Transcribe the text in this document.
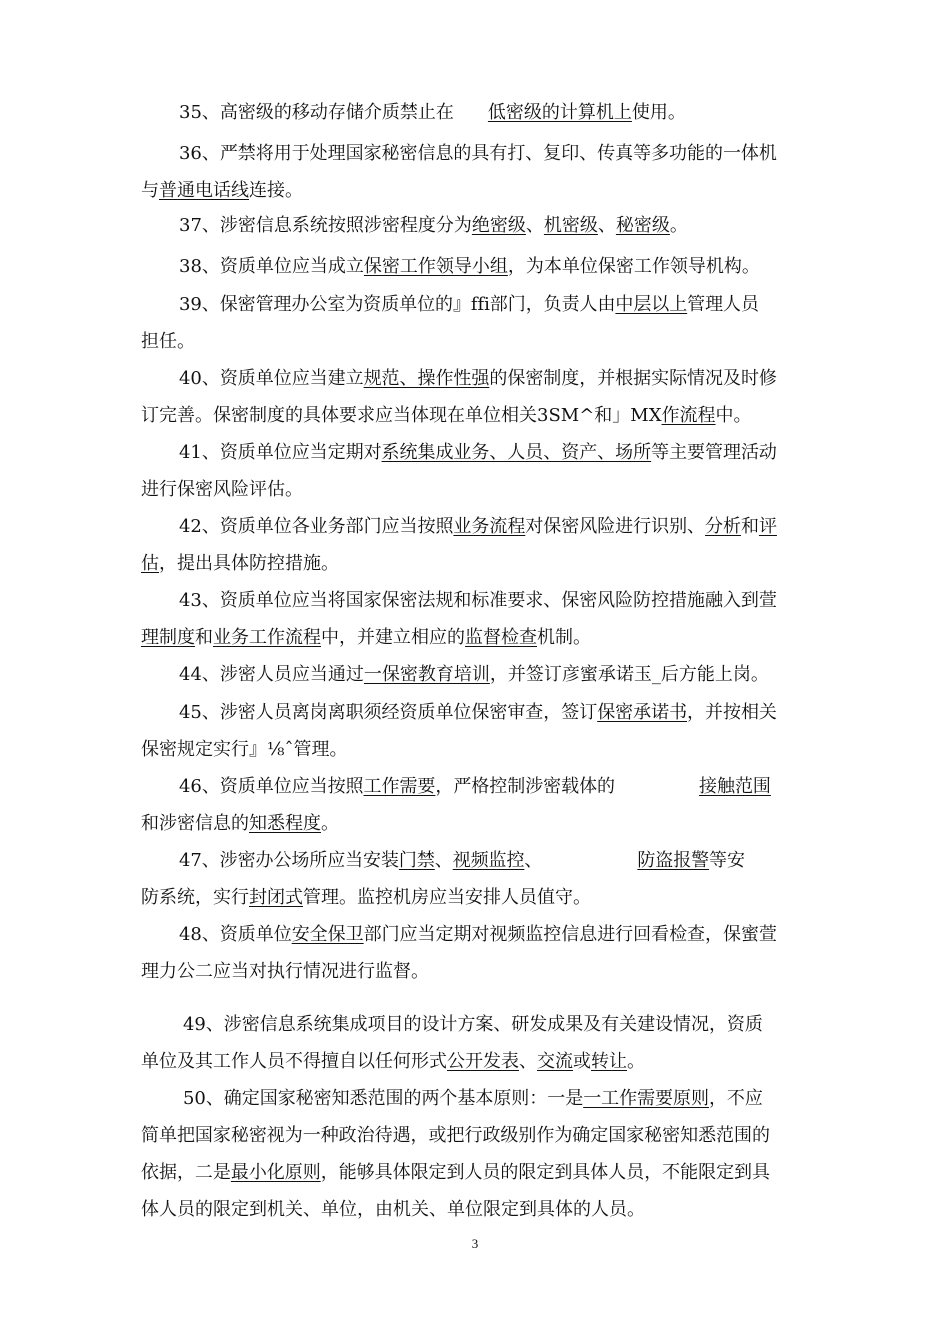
35、高密级的移动存储介质禁止在 低密级的计算机上使用。
36、严禁将用于处理国家秘密信息的具有打、复印、传真等多功能的一体机
与普通电话线连接。
37、涉密信息系统按照涉密程度分为绝密级、机密级、秘密级。
38、资质单位应当成立保密工作领导小组，为本单位保密工作领导机构。
39、保密管理办公室为资质单位的』ffi部门，负责人由中层以上管理人员
担任。
40、资质单位应当建立规范、操作性强的保密制度，并根据实际情况及时修
订完善。保密制度的具体要求应当体现在单位相关3SM^和」MX作流程中。
41、资质单位应当定期对系统集成业务、人员、资产、场所等主要管理活动
进行保密风险评估。
42、资质单位各业务部门应当按照业务流程对保密风险进行识别、分析和评
估，提出具体防控措施。
43、资质单位应当将国家保密法规和标准要求、保密风险防控措施融入到萱
理制度和业务工作流程中，并建立相应的监督检查机制。
44、涉密人员应当通过一保密教育培训，并签订彦蜜承诺玉_后方能上岗。
45、涉密人员离岗离职须经资质单位保密审查，签订保密承诺书，并按相关
保密规定实行』⅛ˆ管理。
46、资质单位应当按照工作需要，严格控制涉密载体的	接触范围
和涉密信息的知悉程度。
47、涉密办公场所应当安装门禁、视频监控、	防盗报警等安
防系统，实行封闭式管理。监控机房应当安排人员值守。
48、资质单位安全保卫部门应当定期对视频监控信息进行回看检查，保蜜萱
理力公二应当对执行情况进行监督。
49、涉密信息系统集成项目的设计方案、研发成果及有关建设情况，资质
单位及其工作人员不得擅自以任何形式公开发表、交流或转让。
50、确定国家秘密知悉范围的两个基本原则：一是一工作需要原则，不应
简单把国家秘密视为一种政治待遇，或把行政级别作为确定国家秘密知悉范围的
依据，二是最小化原则，能够具体限定到人员的限定到具体人员，不能限定到具
体人员的限定到机关、单位，由机关、单位限定到具体的人员。
3
